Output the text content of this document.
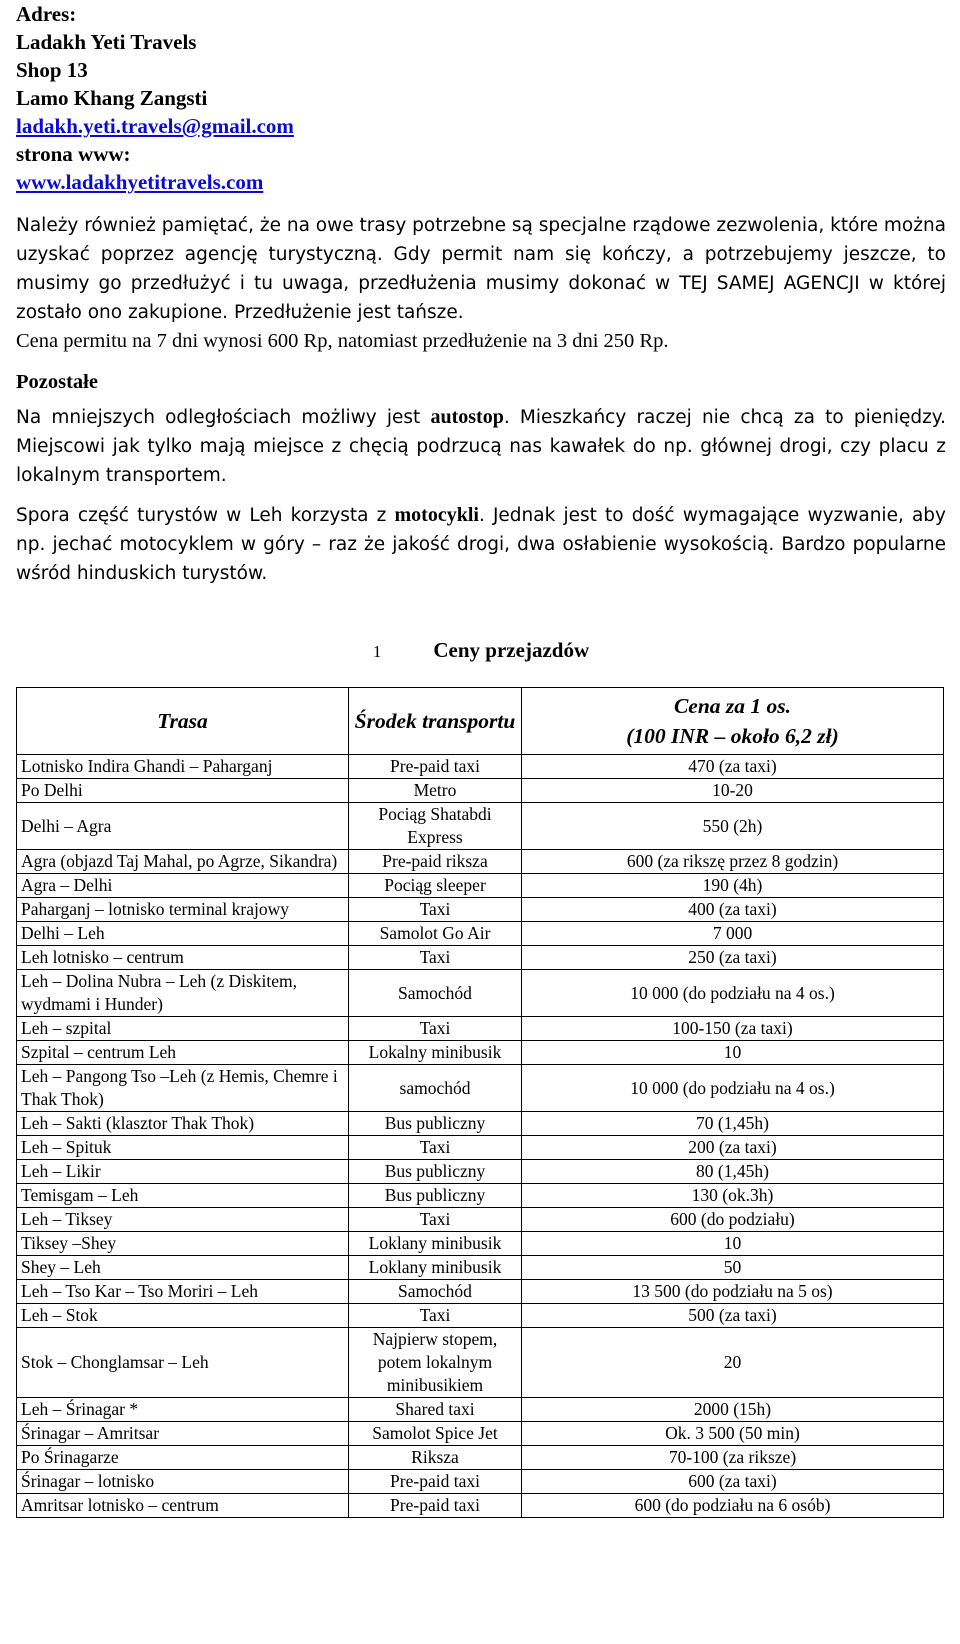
Adres:
Ladakh Yeti Travels
Shop 13
Lamo Khang Zangsti
ladakh.yeti.travels@gmail.com
strona www:
www.ladakhyetitravels.com

Należy również pamiętać, że na owe trasy potrzebne są specjalne rządowe zezwolenia, które można uzyskać poprzez agencję turystyczną. Gdy permit nam się kończy, a potrzebujemy jeszcze, to musimy go przedłużyć i tu uwaga, przedłużenia musimy dokonać w TEJ SAMEJ AGENCJI w której zostało ono zakupione. Przedłużenie jest tańsze.

Cena permitu na 7 dni wynosi 600 Rp, natomiast przedłużenie na 3 dni 250 Rp.

Pozostałe

Na mniejszych odległościach możliwy jest autostop. Mieszkańcy raczej nie chcą za to pieniędzy. Miejscowi jak tylko mają miejsce z chęcią podrzucą nas kawałek do np. głównej drogi, czy placu z lokalnym transportem.

Spora część turystów w Leh korzysta z motocykli. Jednak jest to dość wymagające wyzwanie, aby np. jechać motocyklem w góry – raz że jakość drogi, dwa osłabienie wysokością. Bardzo popularne wśród hinduskich turystów.

1 Ceny przejazdów
Trasa	Środek transportu	Cena za 1 os.
(100 INR – około 6,2 zł)

Lotnisko Indira Ghandi – Paharganj	Pre-paid taxi	470 (za taxi)
Po Delhi	Metro	10-20
Delhi – Agra	Pociąg Shatabdi Express	550 (2h)
Agra (objazd Taj Mahal, po Agrze, Sikandra)	Pre-paid riksza	600 (za rikszę przez 8 godzin)
Agra – Delhi	Pociąg sleeper	190 (4h)
Paharganj – lotnisko terminal krajowy	Taxi	400 (za taxi)
Delhi – Leh	Samolot Go Air	7 000
Leh lotnisko – centrum	Taxi	250 (za taxi)
Leh – Dolina Nubra – Leh (z Diskitem, wydmami i Hunder)	Samochód	10 000 (do podziału na 4 os.)
Leh – szpital	Taxi	100-150 (za taxi)
Szpital – centrum Leh	Lokalny minibusik	10
Leh – Pangong Tso –Leh (z Hemis, Chemre i Thak Thok)	samochód	10 000 (do podziału na 4 os.)
Leh – Sakti (klasztor Thak Thok)	Bus publiczny	70 (1,45h)
Leh – Spituk	Taxi	200 (za taxi)
Leh – Likir	Bus publiczny	80 (1,45h)
Temisgam – Leh	Bus publiczny	130 (ok.3h)
Leh – Tiksey	Taxi	600 (do podziału)
Tiksey –Shey	Loklany minibusik	10
Shey – Leh	Loklany minibusik	50
Leh – Tso Kar – Tso Moriri – Leh	Samochód	13 500 (do podziału na 5 os)
Leh – Stok	Taxi	500 (za taxi)
Stok – Chonglamsar – Leh	Najpierw stopem, potem lokalnym minibusikiem	20
Leh – Śrinagar *	Shared taxi	2000 (15h)
Śrinagar – Amritsar	Samolot Spice Jet	Ok. 3 500 (50 min)
Po Śrinagarze	Riksza	70-100 (za riksze)
Śrinagar – lotnisko	Pre-paid taxi	600 (za taxi)
Amritsar lotnisko – centrum	Pre-paid taxi	600 (do podziału na 6 osób)
